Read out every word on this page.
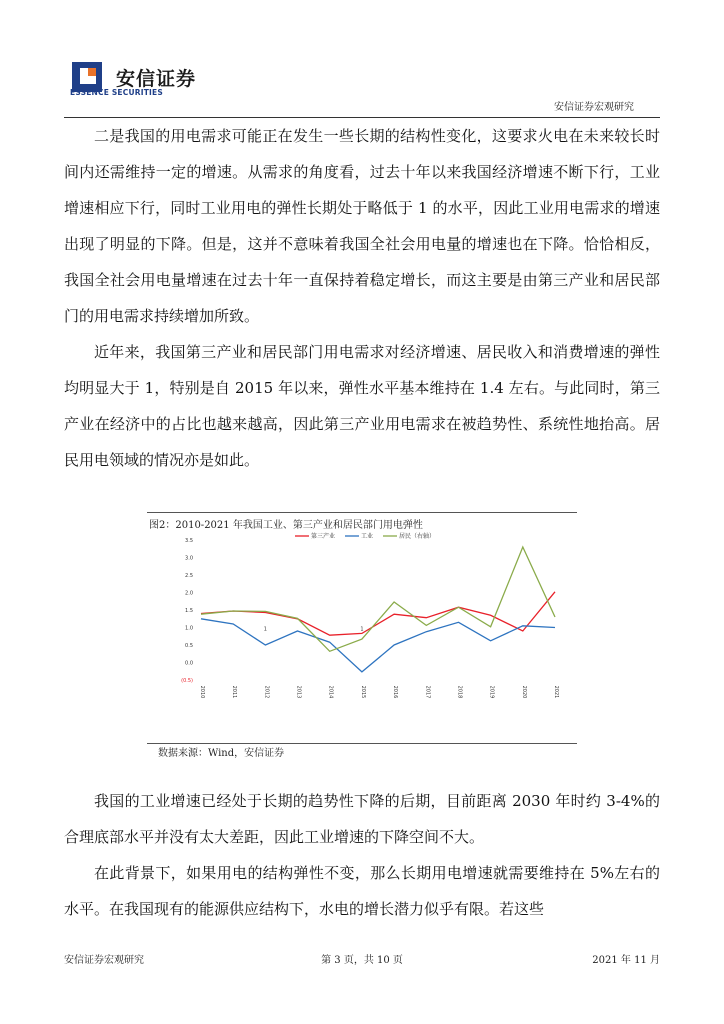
安信证券
ESSENCE SECURITIES
安信证券宏观研究

二是我国的用电需求可能正在发生一些长期的结构性变化，这要求火电在未来较长时间内还需维持一定的增速。从需求的角度看，过去十年以来我国经济增速不断下行，工业增速相应下行，同时工业用电的弹性长期处于略低于 1 的水平，因此工业用电需求的增速出现了明显的下降。但是，这并不意味着我国全社会用电量的增速也在下降。恰恰相反，我国全社会用电量增速在过去十年一直保持着稳定增长，而这主要是由第三产业和居民部门的用电需求持续增加所致。

近年来，我国第三产业和居民部门用电需求对经济增速、居民收入和消费增速的弹性均明显大于 1，特别是自 2015 年以来，弹性水平基本维持在 1.4 左右。与此同时，第三产业在经济中的占比也越来越高，因此第三产业用电需求在被趋势性、系统性地抬高。居民用电领域的情况亦是如此。

图2：2010-2021 年我国工业、第三产业和居民部门用电弹性
(0.5)
0.0
0.5
1.0
1.5
2.0
2.5
3.0
3.5
2010	2011	2012	2013	2014	2015	2016	2017	2018	2019	2020	2021
第三产业	工业	居民（右轴）
1	1
数据来源：Wind，安信证券

我国的工业增速已经处于长期的趋势性下降的后期，目前距离 2030 年时约 3-4%的合理底部水平并没有太大差距，因此工业增速的下降空间不大。

在此背景下，如果用电的结构弹性不变，那么长期用电增速就需要维持在 5%左右的水平。在我国现有的能源供应结构下，水电的增长潜力似乎有限。若这些

安信证券宏观研究	第 3 页，共 10 页	2021 年 11 月
